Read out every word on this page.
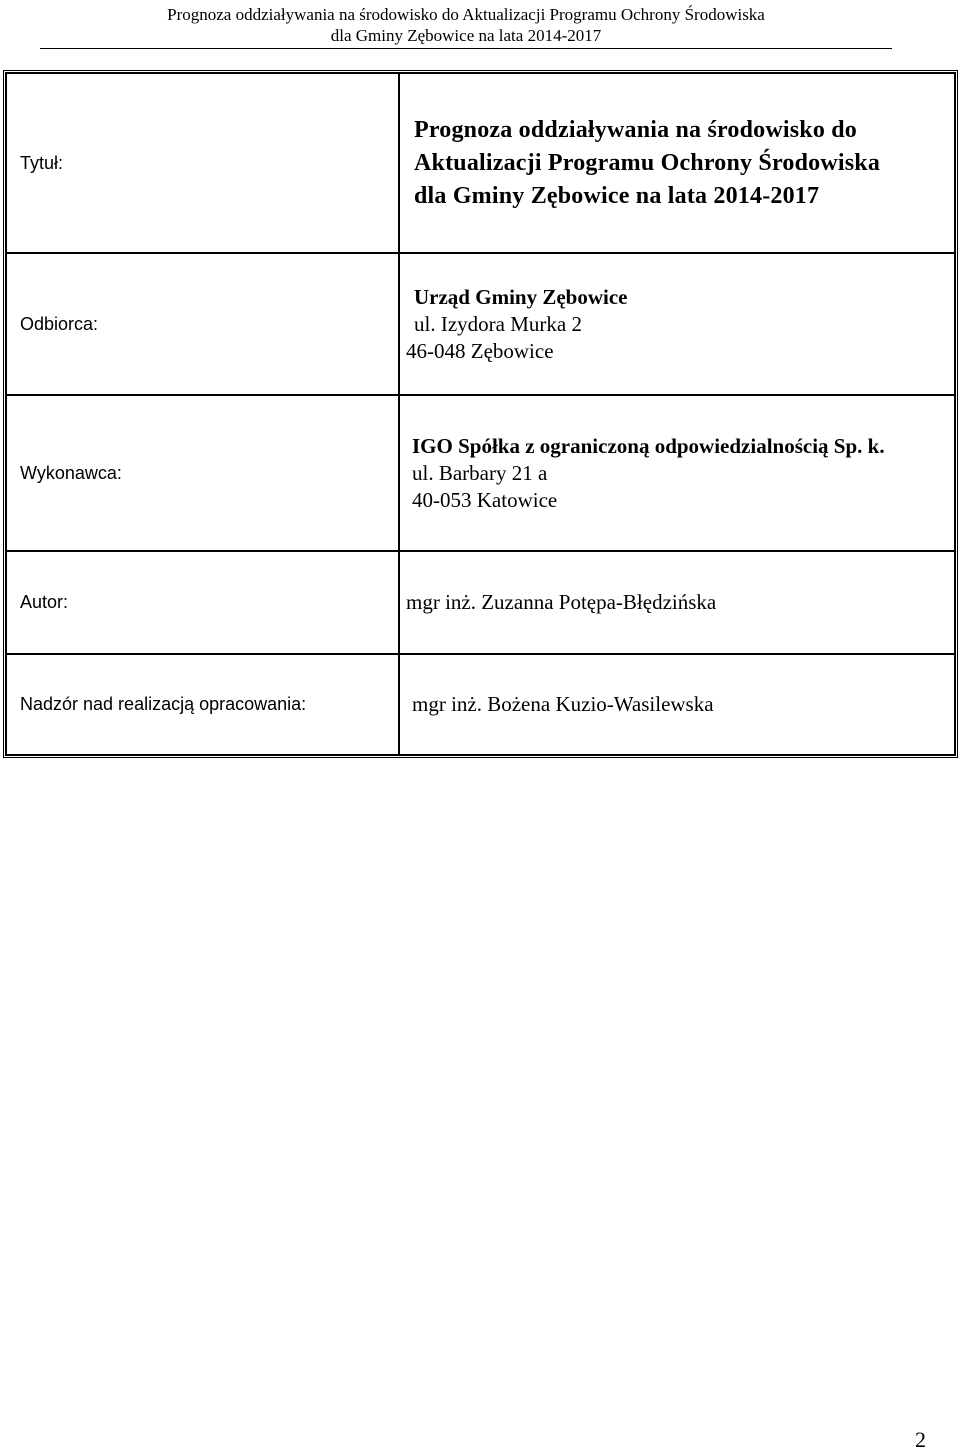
Prognoza oddziaływania na środowisko do Aktualizacji Programu Ochrony Środowiska
dla Gminy Zębowice na lata 2014-2017
Tytuł:	Prognoza oddziaływania na środowisko do
Aktualizacji Programu Ochrony Środowiska
dla Gminy Zębowice na lata 2014-2017

Odbiorca:	Urząd Gminy Zębowice
ul. Izydora Murka 2
46-048 Zębowice

Wykonawca:	IGO Spółka z ograniczoną odpowiedzialnością Sp. k.
ul. Barbary 21 a
40-053 Katowice

Autor:	mgr inż. Zuzanna Potępa-Błędzińska

Nadzór nad realizacją opracowania:	mgr inż. Bożena Kuzio-Wasilewska
2
